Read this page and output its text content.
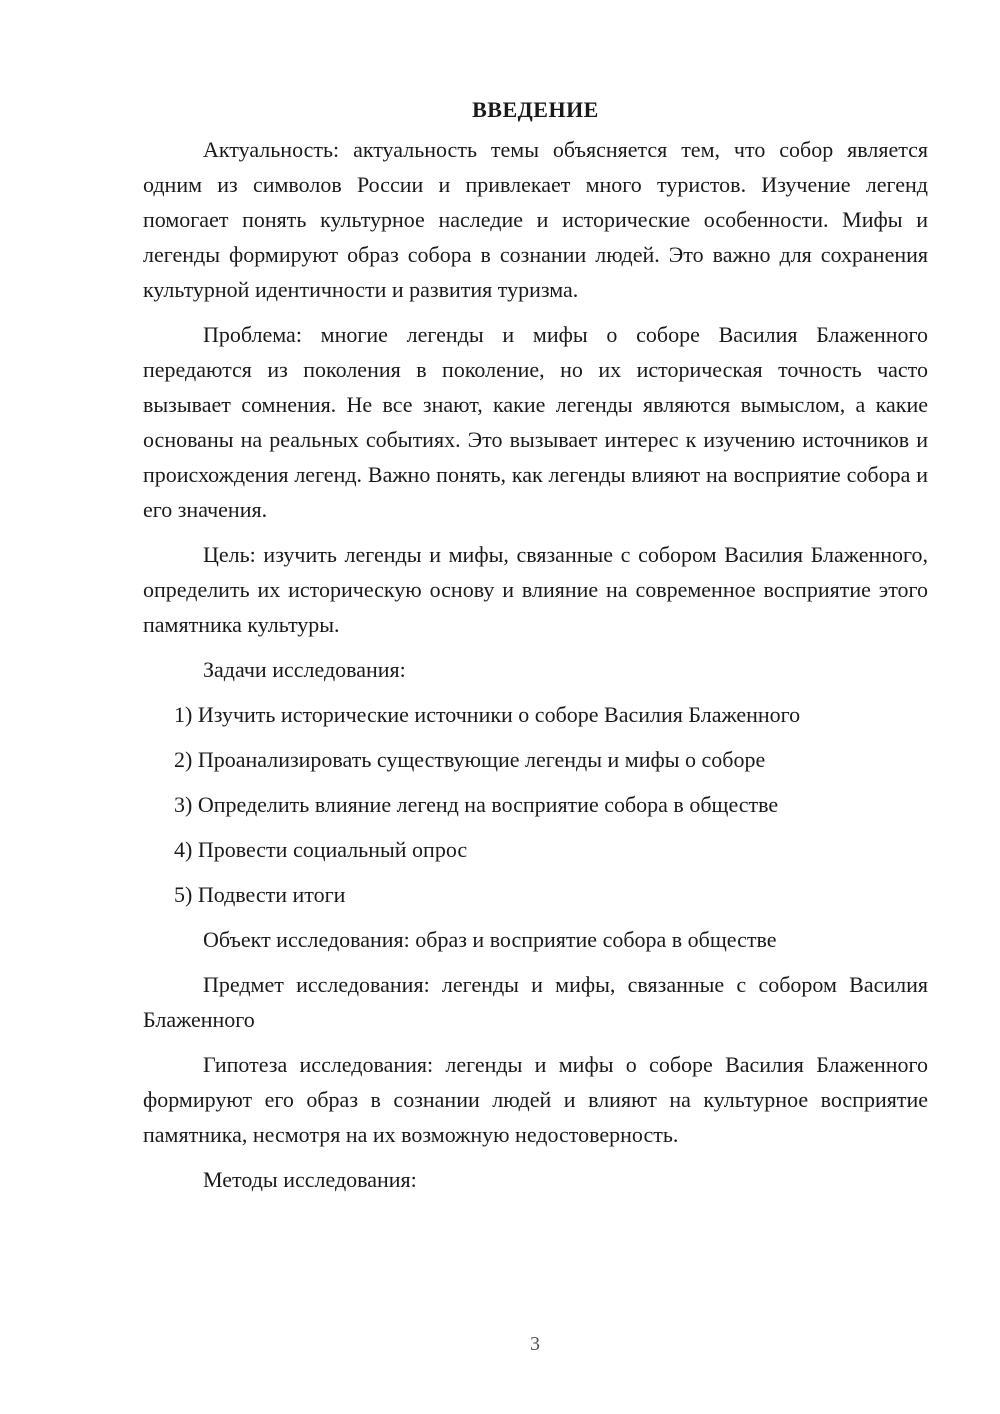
ВВЕДЕНИЕ

Актуальность: актуальность темы объясняется тем, что собор является одним из символов России и привлекает много туристов. Изучение легенд помогает понять культурное наследие и исторические особенности. Мифы и легенды формируют образ собора в сознании людей. Это важно для сохранения культурной идентичности и развития туризма.

Проблема: многие легенды и мифы о соборе Василия Блаженного передаются из поколения в поколение, но их историческая точность часто вызывает сомнения. Не все знают, какие легенды являются вымыслом, а какие основаны на реальных событиях. Это вызывает интерес к изучению источников и происхождения легенд. Важно понять, как легенды влияют на восприятие собора и его значения.

Цель: изучить легенды и мифы, связанные с собором Василия Блаженного, определить их историческую основу и влияние на современное восприятие этого памятника культуры.

Задачи исследования:

1) Изучить исторические источники о соборе Василия Блаженного
2) Проанализировать существующие легенды и мифы о соборе
3) Определить влияние легенд на восприятие собора в обществе
4) Провести социальный опрос
5) Подвести итоги

Объект исследования: образ и восприятие собора в обществе

Предмет исследования: легенды и мифы, связанные с собором Василия Блаженного

Гипотеза исследования: легенды и мифы о соборе Василия Блаженного формируют его образ в сознании людей и влияют на культурное восприятие памятника, несмотря на их возможную недостоверность.

Методы исследования:

3
